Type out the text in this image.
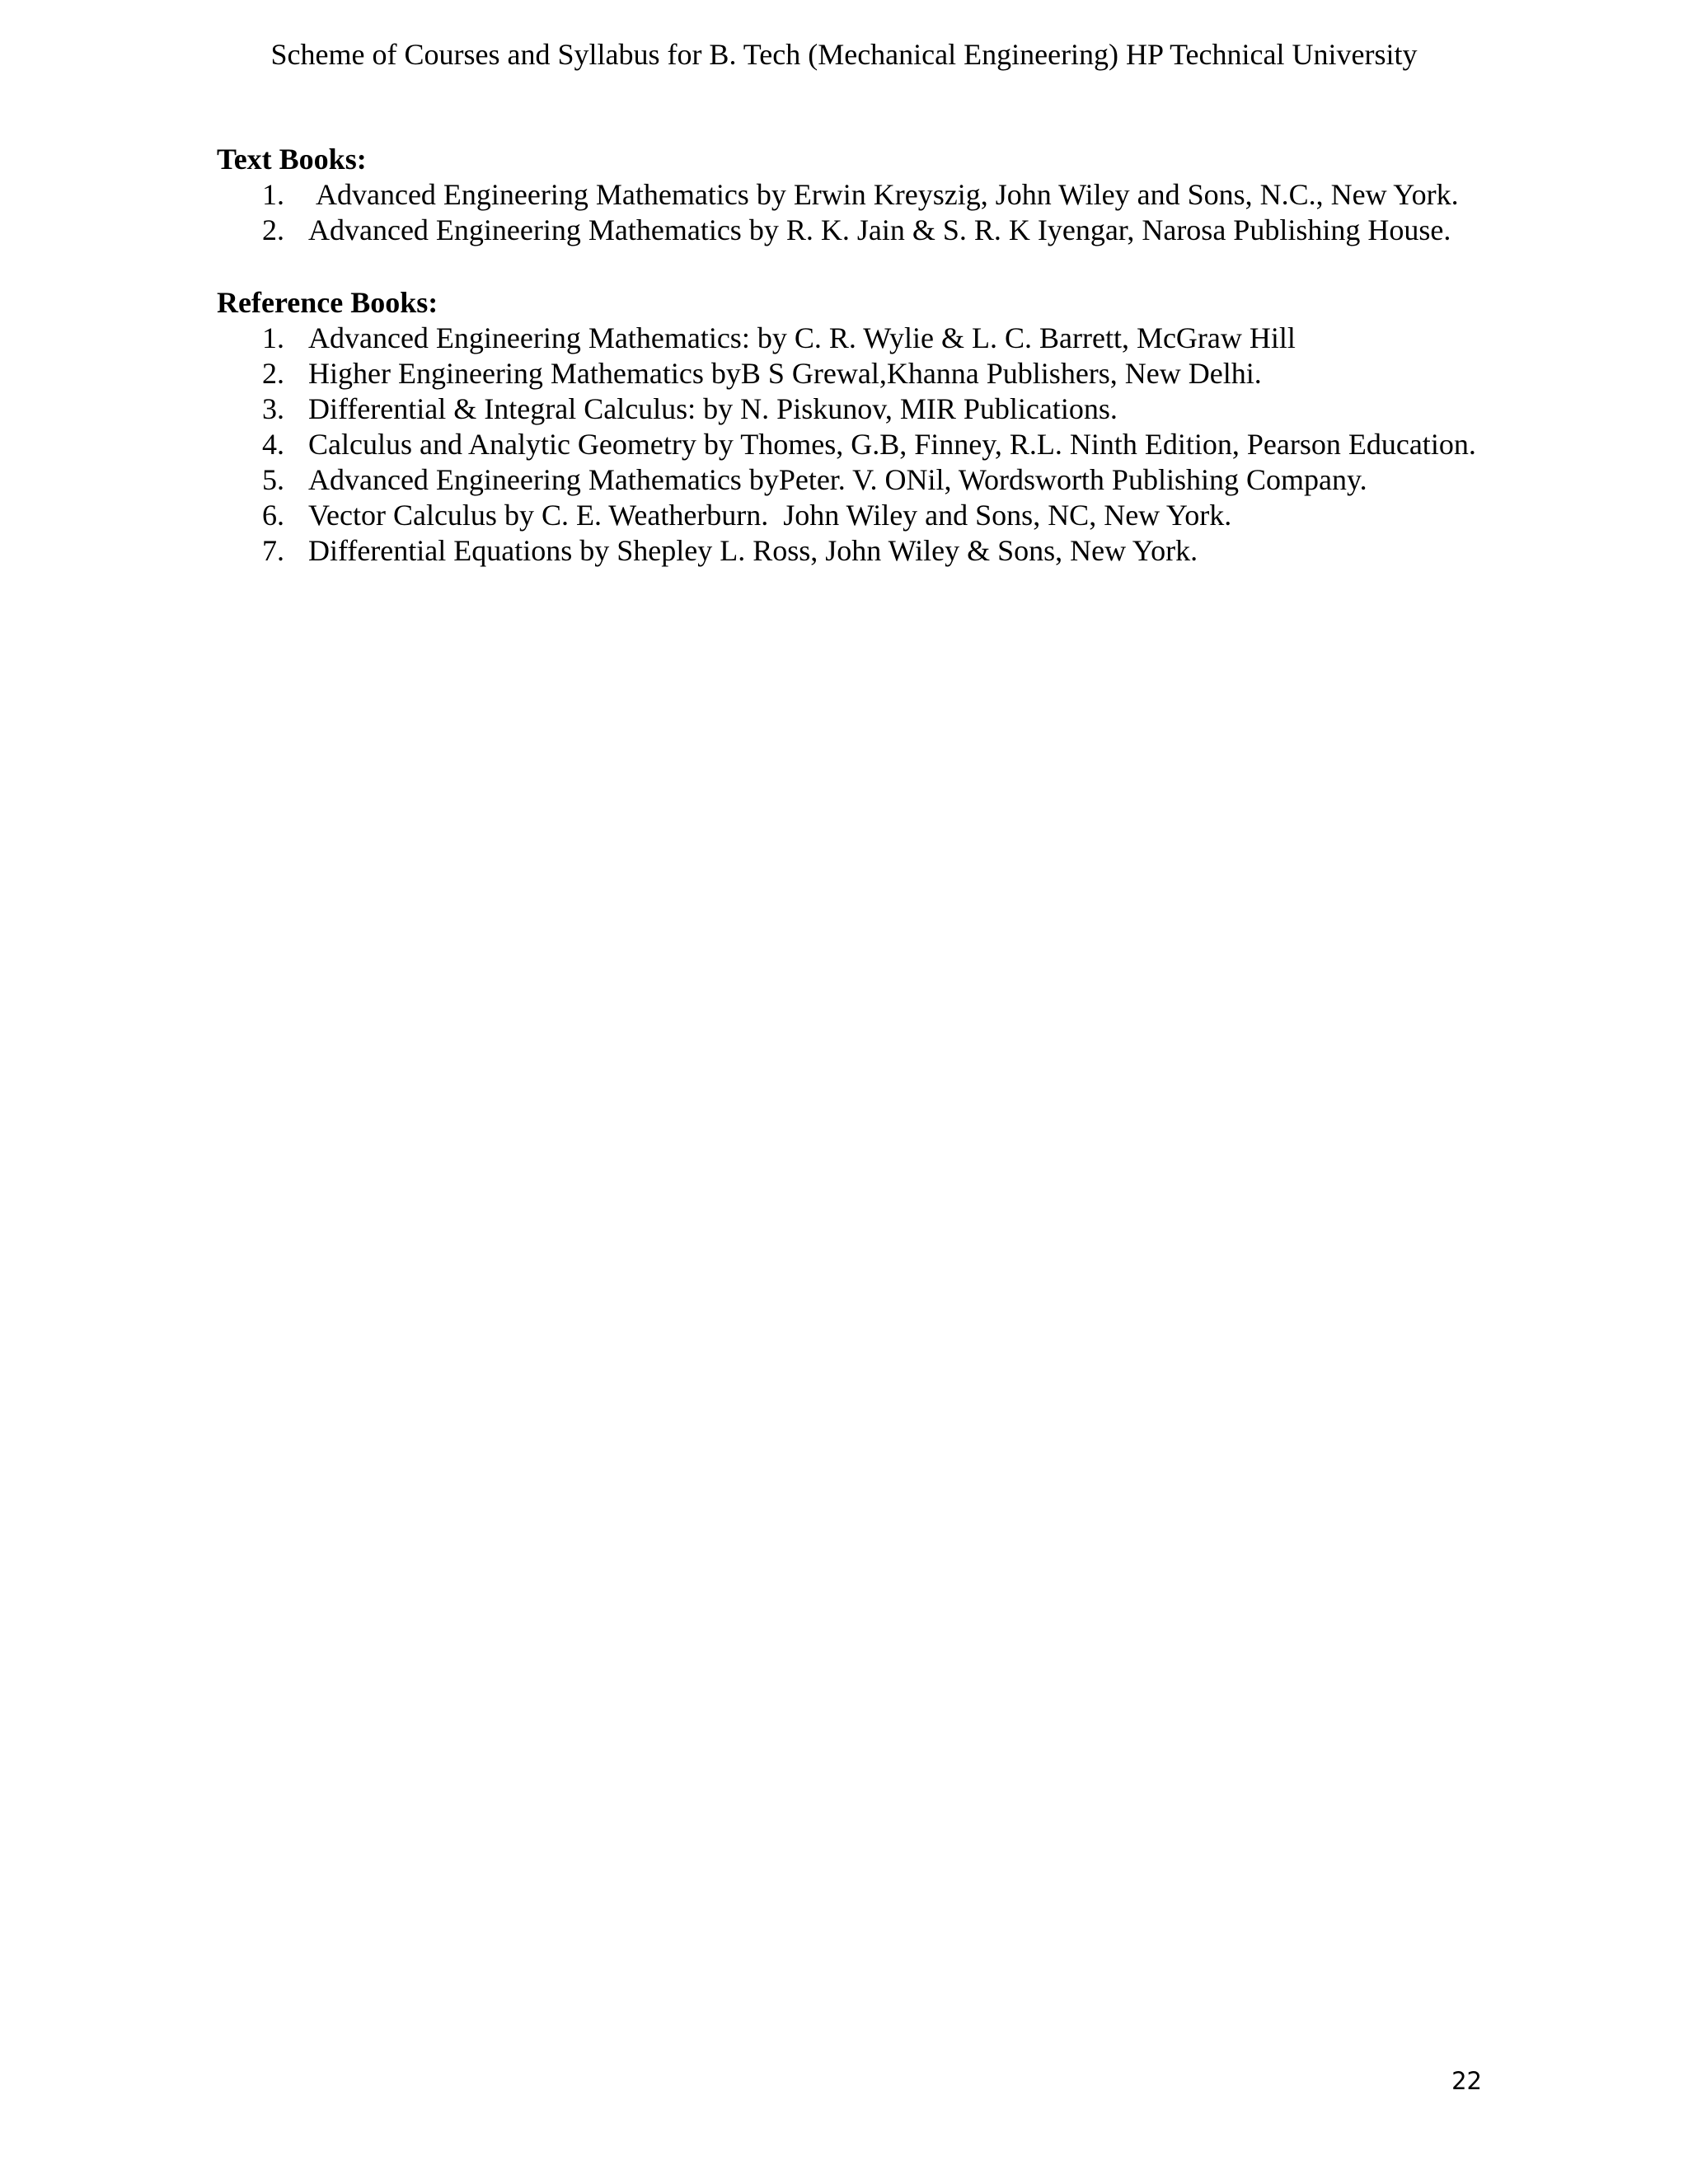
Scheme of Courses and Syllabus for B. Tech (Mechanical Engineering) HP Technical University
Text Books:
1. Advanced Engineering Mathematics by Erwin Kreyszig, John Wiley and Sons, N.C., New York.
2. Advanced Engineering Mathematics by R. K. Jain & S. R. K Iyengar, Narosa Publishing House.
Reference Books:
1. Advanced Engineering Mathematics: by C. R. Wylie & L. C. Barrett, McGraw Hill
2. Higher Engineering Mathematics byB S Grewal,Khanna Publishers, New Delhi.
3. Differential & Integral Calculus: by N. Piskunov, MIR Publications.
4. Calculus and Analytic Geometry by Thomes, G.B, Finney, R.L. Ninth Edition, Pearson Education.
5. Advanced Engineering Mathematics byPeter. V. ONil, Wordsworth Publishing Company.
6. Vector Calculus by C. E. Weatherburn.  John Wiley and Sons, NC, New York.
7. Differential Equations by Shepley L. Ross, John Wiley & Sons, New York.
22
